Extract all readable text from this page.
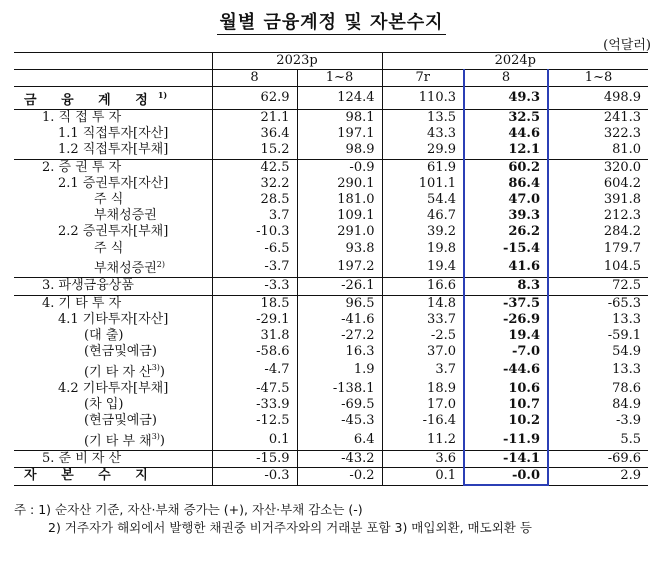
월별 금융계정 및 자본수지
(억달러)
	2023p		2024p		
	8	1~8	7r	8	1~8
금 융 계 정$^{1)}$	62.9	124.4	110.3	49.3	498.9
1. 직 접 투 자	21.1	98.1	13.5	32.5	241.3
1.1 직접투자[자산]	36.4	197.1	43.3	44.6	322.3
1.2 직접투자[부채]	15.2	98.9	29.9	12.1	81.0
2. 증 권 투 자	42.5	-0.9	61.9	60.2	320.0
2.1 증권투자[자산]	32.2	290.1	101.1	86.4	604.2
주 식	28.5	181.0	54.4	47.0	391.8
부채성증권	3.7	109.1	46.7	39.3	212.3
2.2 증권투자[부채]	-10.3	291.0	39.2	26.2	284.2
주 식	-6.5	93.8	19.8	-15.4	179.7
부채성증권$^{2)}$	-3.7	197.2	19.4	41.6	104.5
3. 파생금융상품	-3.3	-26.1	16.6	8.3	72.5
4. 기 타 투 자	18.5	96.5	14.8	-37.5	-65.3
4.1 기타투자[자산]	-29.1	-41.6	33.7	-26.9	13.3
(대 출)	31.8	-27.2	-2.5	19.4	-59.1
(현금및예금)	-58.6	16.3	37.0	-7.0	54.9
(기 타 자 산$^{3)}$)	-4.7	1.9	3.7	-44.6	13.3
4.2 기타투자[부채]	-47.5	-138.1	18.9	10.6	78.6
(차 입)	-33.9	-69.5	17.0	10.7	84.9
(현금및예금)	-12.5	-45.3	-16.4	10.2	-3.9
(기 타 부 채$^{3)}$)	0.1	6.4	11.2	-11.9	5.5
5. 준 비 자 산	-15.9	-43.2	3.6	-14.1	-69.6
자 본 수 지	-0.3	-0.2	0.1	-0.0	2.9
주 : 1) 순자산 기준, 자산·부채 증가는 (+), 자산·부채 감소는 (-)
2) 거주자가 해외에서 발행한 채권중 비거주자와의 거래분 포함 3) 매입외환, 매도외환 등
